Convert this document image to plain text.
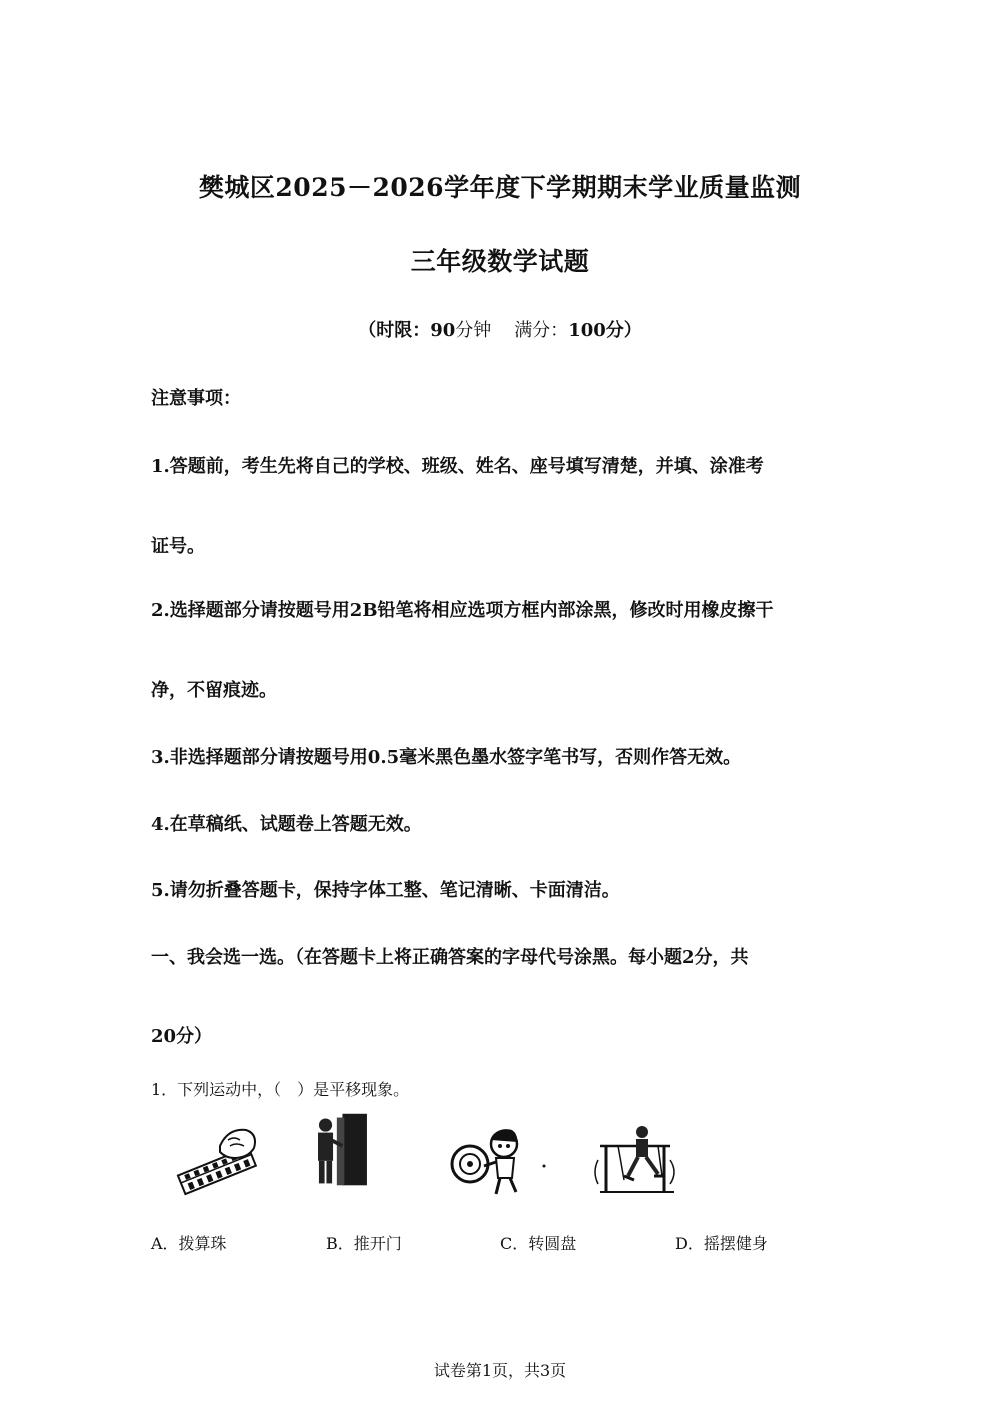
樊城区2025－2026学年度下学期期末学业质量监测
三年级数学试题
（时限：90分钟 满分：100分）
注意事项：
1.答题前，考生先将自己的学校、班级、姓名、座号填写清楚，并填、涂准考
证号。
2.选择题部分请按题号用2B铅笔将相应选项方框内部涂黑，修改时用橡皮擦干
净，不留痕迹。
3.非选择题部分请按题号用0.5毫米黑色墨水签字笔书写，否则作答无效。
4.在草稿纸、试题卷上答题无效。
5.请勿折叠答题卡，保持字体工整、笔记清晰、卡面清洁。
一、我会选一选。（在答题卡上将正确答案的字母代号涂黑。每小题2分，共
20分）
1．下列运动中，（　）是平移现象。
A．拨算珠	B．推开门	C．转圆盘	D．摇摆健身
试卷第1页，共3页
